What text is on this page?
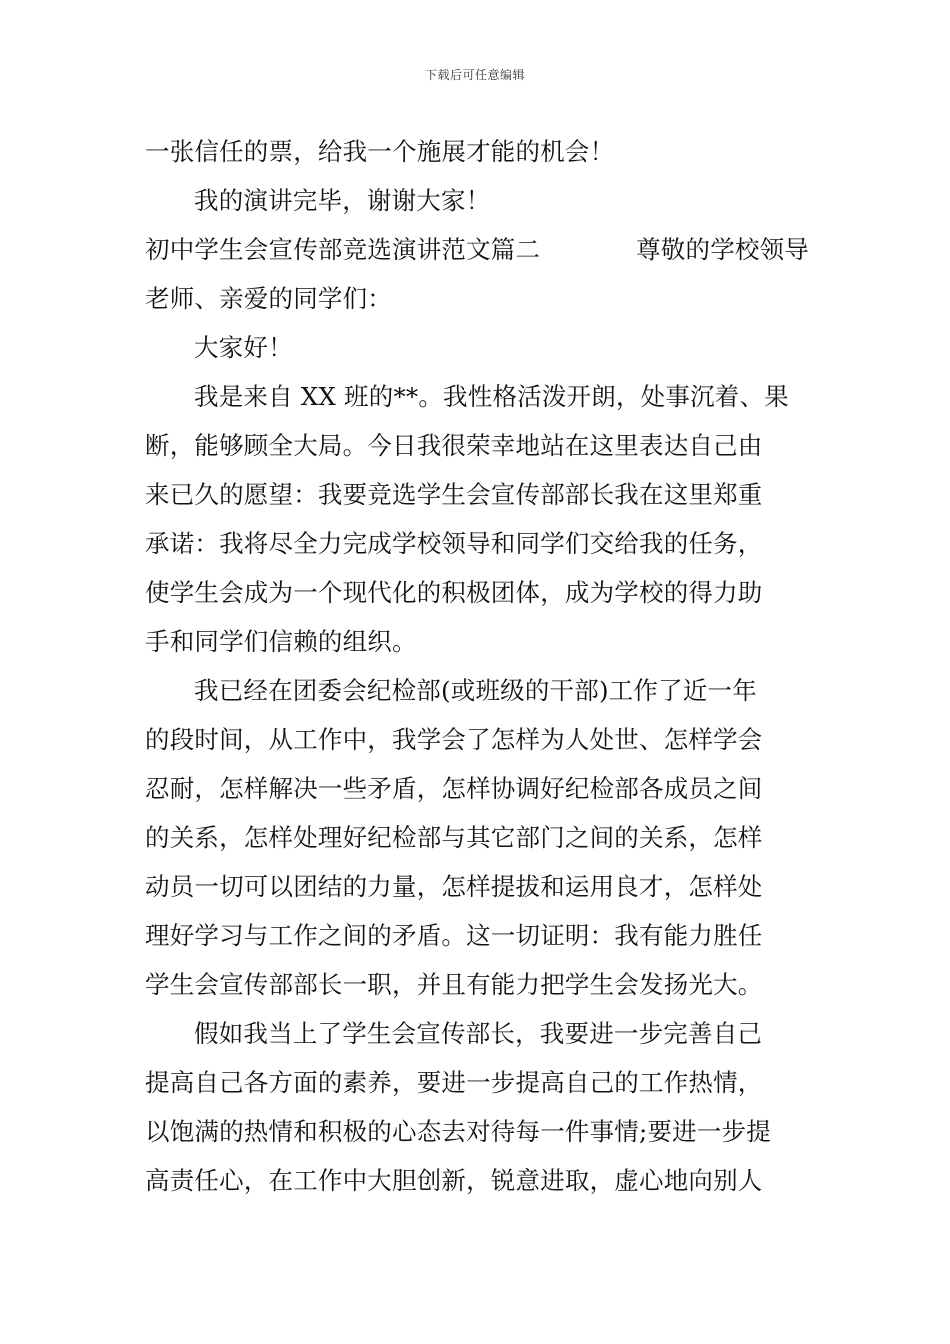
下载后可任意编辑
一张信任的票，给我一个施展才能的机会！
我的演讲完毕，谢谢大家！
初中学生会宣传部竞选演讲范文篇二	尊敬的学校领导
老师、亲爱的同学们：
大家好！
我是来自 XX 班的**。我性格活泼开朗，处事沉着、果
断，能够顾全大局。今日我很荣幸地站在这里表达自己由
来已久的愿望：我要竞选学生会宣传部部长我在这里郑重
承诺：我将尽全力完成学校领导和同学们交给我的任务，
使学生会成为一个现代化的积极团体，成为学校的得力助
手和同学们信赖的组织。
我已经在团委会纪检部(或班级的干部)工作了近一年
的段时间，从工作中，我学会了怎样为人处世、怎样学会
忍耐，怎样解决一些矛盾，怎样协调好纪检部各成员之间
的关系，怎样处理好纪检部与其它部门之间的关系，怎样
动员一切可以团结的力量，怎样提拔和运用良才，怎样处
理好学习与工作之间的矛盾。这一切证明：我有能力胜任
学生会宣传部部长一职，并且有能力把学生会发扬光大。
假如我当上了学生会宣传部长，我要进一步完善自己
提高自己各方面的素养，要进一步提高自己的工作热情，
以饱满的热情和积极的心态去对待每一件事情;要进一步提
高责任心，在工作中大胆创新，锐意进取，虚心地向别人
